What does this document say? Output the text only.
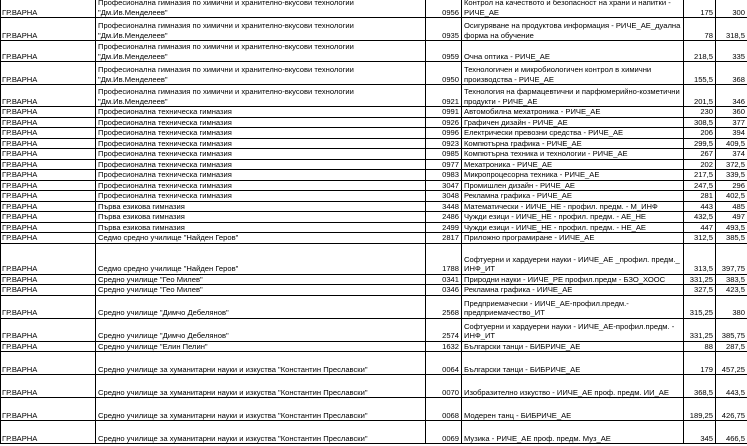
ГР.ВАРНА	Професионална гимназия по химични и хранително-вкусови технологии "Дм.Ив.Менделеев"	0956	Контрол на качеството и безопасност на храни и напитки - РИЧЕ_АЕ	175	300
ГР.ВАРНА	Професионална гимназия по химични и хранително-вкусови технологии "Дм.Ив.Менделеев"	0935	Осигуряване на продуктова информация - РИЧЕ_АЕ_дуална форма на обучение	78	318,5
ГР.ВАРНА	Професионална гимназия по химични и хранително-вкусови технологии "Дм.Ив.Менделеев"	0959	Очна оптика - РИЧЕ_АЕ	218,5	335
ГР.ВАРНА	Професионална гимназия по химични и хранително-вкусови технологии "Дм.Ив.Менделеев"	0950	Технологичен и микробиологичен контрол в химични производства - РИЧЕ_АЕ	155,5	368
ГР.ВАРНА	Професионална гимназия по химични и хранително-вкусови технологии "Дм.Ив.Менделеев"	0921	Технология на фармацевтични и парфюмерийно-козметични продукти - РИЧЕ_АЕ	201,5	346
ГР.ВАРНА	Професионална техническа гимназия	0991	Автомобилна мехатроника - РИЧЕ_АЕ	230	360
ГР.ВАРНА	Професионална техническа гимназия	0926	Графичен дизайн - РИЧЕ_АЕ	308,5	377
ГР.ВАРНА	Професионална техническа гимназия	0996	Електрически превозни средства - РИЧЕ_АЕ	206	394
ГР.ВАРНА	Професионална техническа гимназия	0923	Компютърна графика - РИЧЕ_АЕ	299,5	409,5
ГР.ВАРНА	Професионална техническа гимназия	0985	Компютърна техника и технологии - РИЧЕ_АЕ	267	374
ГР.ВАРНА	Професионална техническа гимназия	0977	Мехатроника - РИЧЕ_АЕ	202	372,5
ГР.ВАРНА	Професионална техническа гимназия	0983	Микропроцесорна техника - РИЧЕ_АЕ	217,5	339,5
ГР.ВАРНА	Професионална техническа гимназия	3047	Промишлен дизайн - РИЧЕ_АЕ	247,5	296
ГР.ВАРНА	Професионална техническа гимназия	3048	Рекламна графика - РИЧЕ_АЕ	281	402,5
ГР.ВАРНА	Първа езикова гимназия	3448	Математически - ИИЧЕ_НЕ - профил. предм. - М_ИНФ	443	485
ГР.ВАРНА	Първа езикова гимназия	2486	Чужди езици - ИИЧЕ_НЕ - профил. предм. - АЕ_НЕ	432,5	497
ГР.ВАРНА	Първа езикова гимназия	2499	Чужди езици - ИИЧЕ_НЕ - профил. предм. - НЕ_АЕ	447	493,5
ГР.ВАРНА	Седмо средно училище "Найден Геров"	2817	Приложно програмиране - ИИЧЕ_АЕ	312,5	385,5
ГР.ВАРНА	Седмо средно училище "Найден Геров"	1788	Софтуерни и хардуерни науки - ИИЧЕ_АЕ _профил. предм._ ИНФ_ИТ	313,5	397,75
ГР.ВАРНА	Средно училище "Гео Милев"	0341	Природни науки - ИИЧЕ_РЕ профил.предм - БЗО_ХООС	331,25	383,5
ГР.ВАРНА	Средно училище "Гео Милев"	0346	Рекламна графика - ИИЧЕ_АЕ	327,5	423,5
ГР.ВАРНА	Средно училище "Димчо Дебелянов"	2568	Предприемачески - ИИЧЕ_АЕ-профил.предм.- предприемачество_ИТ	315,25	380
ГР.ВАРНА	Средно училище "Димчо Дебелянов"	2574	Софтуерни и хардуерни науки - ИИЧЕ_АЕ-профил.предм. - ИНФ_ИТ	331,25	385,75
ГР.ВАРНА	Средно училище "Елин Пелин"	1632	Български танци - БИБРИЧЕ_АЕ	88	287,5
ГР.ВАРНА	Средно училище за хуманитарни науки и изкуства "Константин Преславски"	0064	Български танци - БИБРИЧЕ_АЕ	179	457,25
ГР.ВАРНА	Средно училище за хуманитарни науки и изкуства "Константин Преславски"	0070	Изобразително изкуство - ИИЧЕ_АЕ проф. предм. ИИ_АЕ	368,5	443,5
ГР.ВАРНА	Средно училище за хуманитарни науки и изкуства "Константин Преславски"	0068	Модерен танц - БИБРИЧЕ_АЕ	189,25	426,75
ГР.ВАРНА	Средно училище за хуманитарни науки и изкуства "Константин Преславски"	0069	Музика - РИЧЕ_АЕ проф. предм. Муз_АЕ	345	466,5
